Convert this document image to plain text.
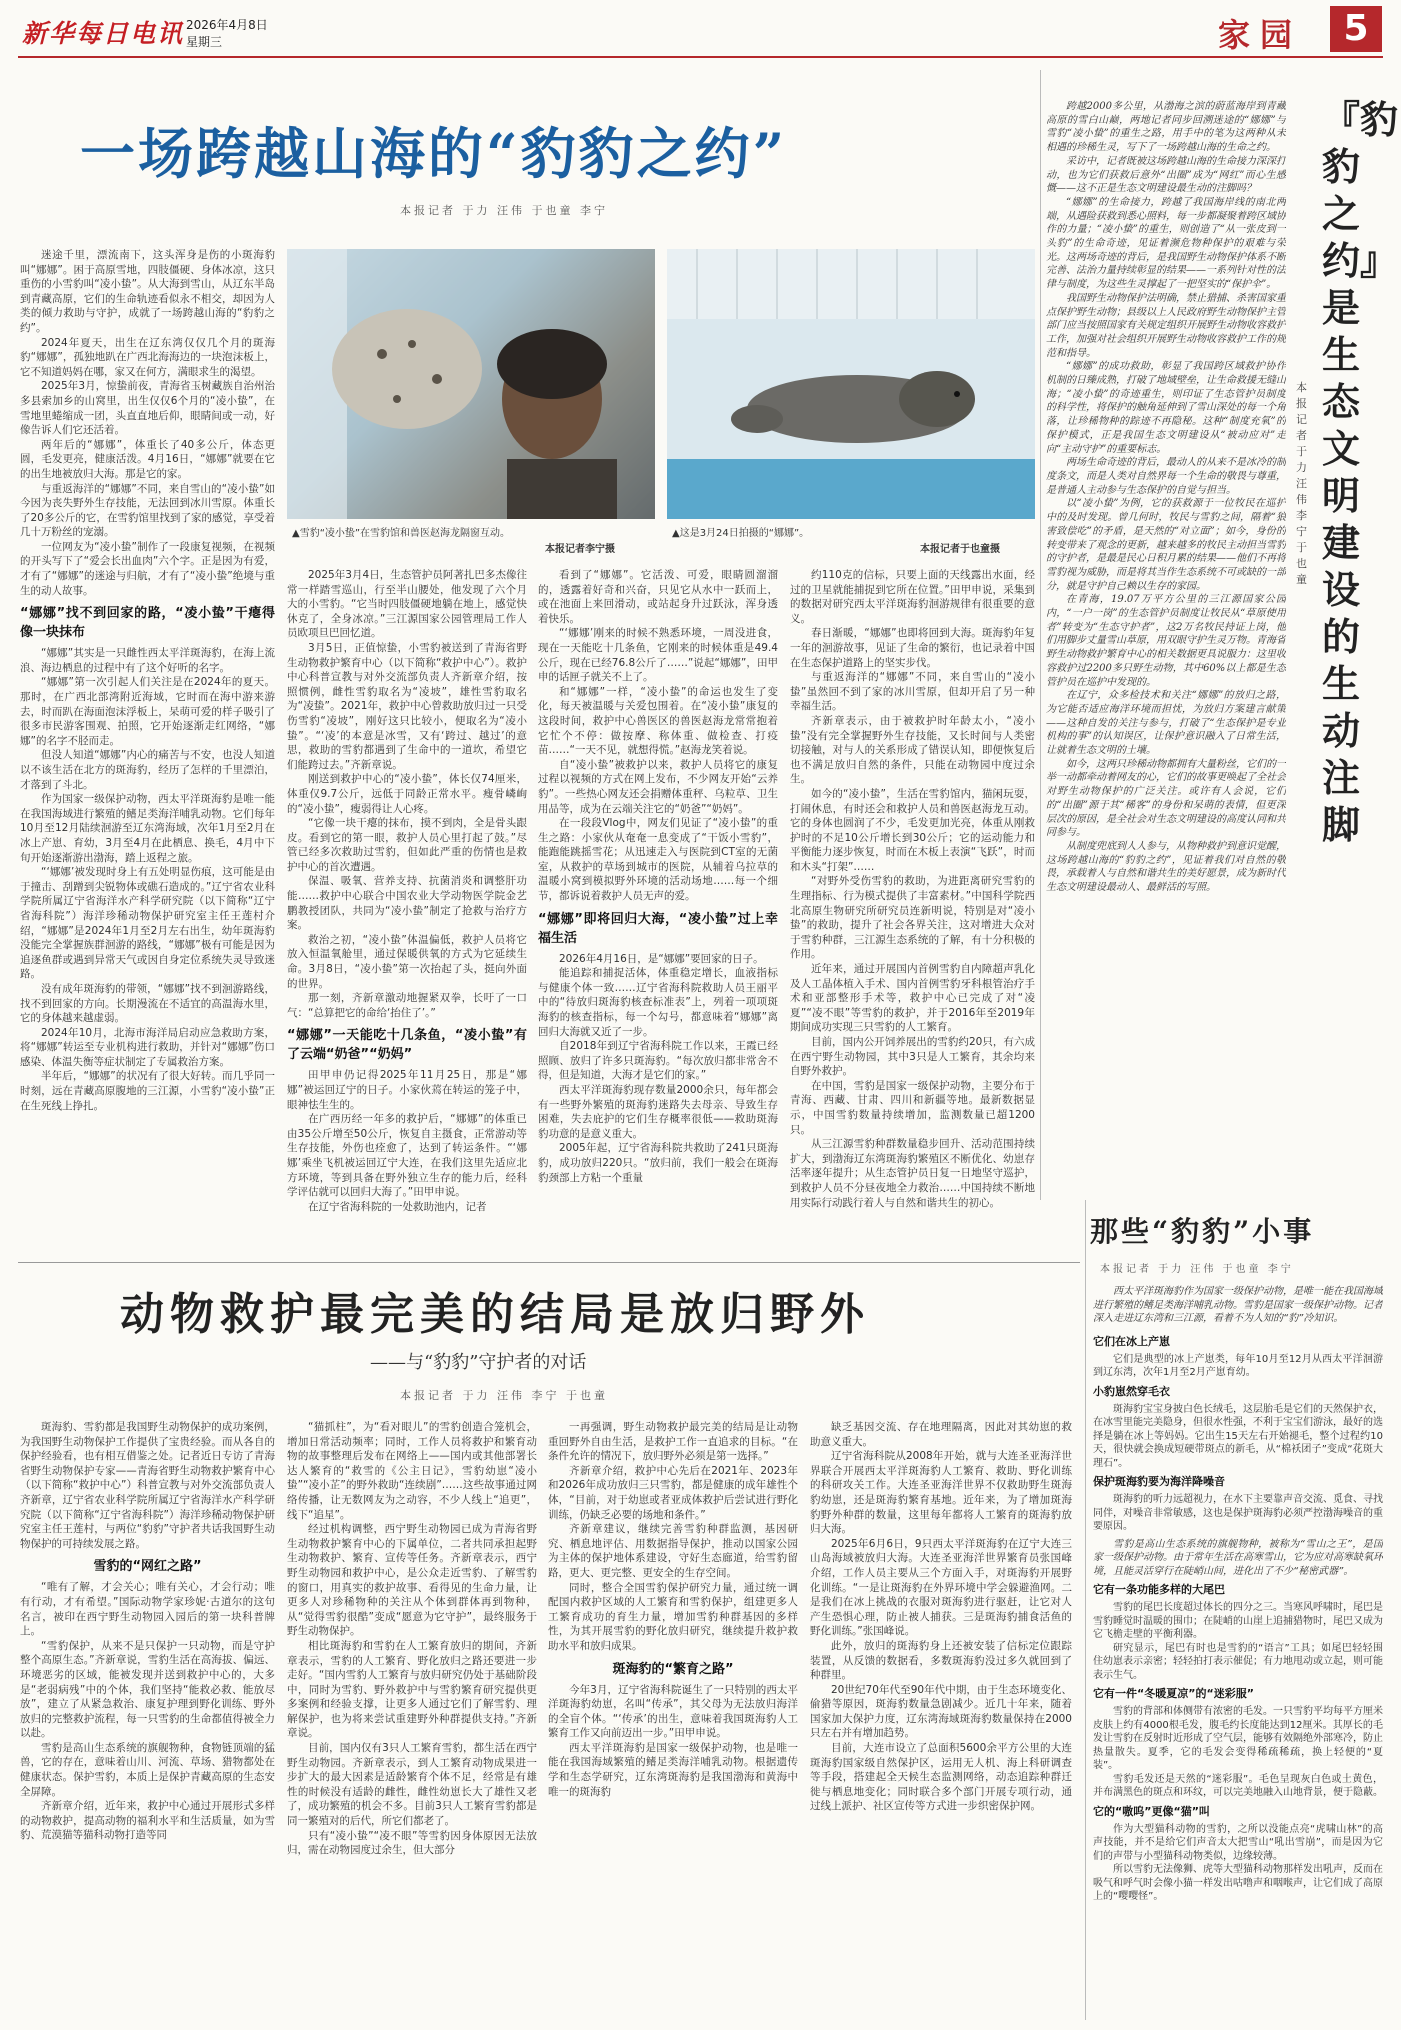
新华每日电讯 2026年4月8日
星期三	家园	5
一场跨越山海的“豹豹之约”
本报记者 于力 汪伟 于也童 李宁
▲雪豹“凌小蛰”在雪豹馆和兽医赵海龙隔窗互动。
本报记者李宁摄
▲这是3月24日拍摄的“娜娜”。
本报记者于也童摄

迷途千里，漂流南下，这头浑身是伤的小斑海豹叫“娜娜”。困于高原雪地，四肢僵硬、身体冰凉，这只重伤的小雪豹叫“凌小蛰”。从大海到雪山，从辽东半岛到青藏高原，它们的生命轨迹看似永不相交，却因为人类的倾力救助与守护，成就了一场跨越山海的“豹豹之约”。

2024年夏天，出生在辽东湾仅仅几个月的斑海豹“娜娜”，孤独地趴在广西北海海边的一块泡沫板上，它不知道妈妈在哪，家又在何方，满眼求生的渴望。

2025年3月，惊蛰前夜，青海省玉树藏族自治州治多县索加乡的山窝里，出生仅仅6个月的“凌小蛰”，在雪地里蜷缩成一团，头直直地后仰，眼睛间或一动，好像告诉人们它还活着。

两年后的“娜娜”，体重长了40多公斤，体态更圆，毛发更亮，健康活泼。4月16日，“娜娜”就要在它的出生地被放归大海。那是它的家。

与重返海洋的“娜娜”不同，来自雪山的“凌小蛰”如今因为丧失野外生存技能，无法回到冰川雪原。体重长了20多公斤的它，在雪豹馆里找到了家的感觉，享受着几十万粉丝的宠溺。

一位网友为“凌小蛰”制作了一段康复视频，在视频的开头写下了“爱会长出血肉”六个字。正是因为有爱，才有了“娜娜”的迷途与归航，才有了“凌小蛰”绝境与重生的动人故事。

“娜娜”找不到回家的路，“凌小蛰”干瘪得像一块抹布

“娜娜”其实是一只雌性西太平洋斑海豹，在海上流浪、海边栖息的过程中有了这个好听的名字。

“娜娜”第一次引起人们关注是在2024年的夏天。那时，在广西北部湾附近海域，它时而在海中游来游去，时而趴在海面泡沫浮板上，呆萌可爱的样子吸引了很多市民游客围观、拍照，它开始逐渐走红网络，“娜娜”的名字不胫而走。

但没人知道“娜娜”内心的痛苦与不安，也没人知道以不该生活在北方的斑海豹，经历了怎样的千里漂泊，才落到了斗北。

作为国家一级保护动物，西太平洋斑海豹是唯一能在我国海域进行繁殖的鳍足类海洋哺乳动物。它们每年10月至12月陆续洄游至辽东湾海域，次年1月至2月在冰上产崽、育幼，3月至4月在此栖息、换毛，4月中下旬开始逐渐游出渤海，踏上返程之旅。

“‘娜娜’被发现时身上有五处明显伤痕，这可能是由于撞击、刮蹭到尖锐物体或礁石造成的。”辽宁省农业科学院所属辽宁省海洋水产科学研究院（以下简称“辽宁省海科院”）海洋珍稀动物保护研究室主任王莲村介绍，“娜娜”是2024年1月至2月左右出生，幼年斑海豹没能完全掌握族群洄游的路线，“娜娜”极有可能是因为追逐鱼群或遇到异常天气或因自身定位系统失灵导致迷路。

没有成年斑海豹的带领，“娜娜”找不到洄游路线，找不到回家的方向。长期漫流在不适宜的高温海水里，它的身体越来越虚弱。

2024年10月，北海市海洋局启动应急救助方案，将“娜娜”转运至专业机构进行救助，并针对“娜娜”伤口感染、体温失衡等症状制定了专属救治方案。

半年后，“娜娜”的状况有了很大好转。而几乎同一时刻，远在青藏高原腹地的三江源，小雪豹“凌小蛰”正在生死线上挣扎。

2025年3月4日，生态管护员阿著扎巴多杰像往常一样踏雪巡山，行至半山腰处，他发现了六个月大的小雪豹。“它当时四肢僵硬地躺在地上，感觉快休克了，全身冰凉。”三江源国家公园管理局工作人员欧项旦巴回忆道。

3月5日，正值惊蛰，小雪豹被送到了青海省野生动物救护繁育中心（以下简称“救护中心”）。救护中心科普宣教与对外交流部负责人齐新章介绍，按照惯例，雌性雪豹取名为“凌坡”，雄性雪豹取名为“凌蛰”。2021年，救护中心曾救助放归过一只受伤雪豹“凌坡”，刚好这只比较小，便取名为“凌小蛰”。“‘凌’的本意是冰雪，又有‘跨过、越过’的意思，救助的雪豹都遇到了生命中的一道坎，希望它们能跨过去。”齐新章说。

刚送到救护中心的“凌小蛰”，体长仅74厘米，体重仅9.7公斤，远低于同龄正常水平。瘦骨嶙峋的“凌小蛰”，瘦弱得让人心疼。

“它像一块干瘪的抹布，摸不到肉，全是骨头跟皮。看到它的第一眼，救护人员心里打起了鼓。”尽管已经多次救助过雪豹，但如此严重的伤情也是救护中心的首次遭遇。

保温、吸氧、营养支持、抗菌消炎和调整肝功能……救护中心联合中国农业大学动物医学院金艺鹏教授团队，共同为“凌小蛰”制定了抢救与治疗方案。

救治之初，“凌小蛰”体温偏低，救护人员将它放入恒温氧舱里，通过保暖供氧的方式为它延续生命。3月8日，“凌小蛰”第一次抬起了头，挺向外面的世界。

那一刻，齐新章激动地握紧双拳，长吁了一口气：“总算把它的命给‘抬住了’。”

“娜娜”一天能吃十几条鱼，“凌小蛰”有了云端“奶爸”“奶妈”

田甲申仍记得2025年11月25日，那是“娜娜”被运回辽宁的日子。小家伙蔫在转运的笼子中，眼神怯生生的。

在广西历经一年多的救护后，“娜娜”的体重已由35公斤增至50公斤，恢复自主摄食，正常游动等生存技能，外伤也痊愈了，达到了转运条件。“‘娜娜’乘坐飞机被运回辽宁大连，在我们这里先适应北方环境，等到具备在野外独立生存的能力后，经科学评估就可以回归大海了。”田甲申说。

在辽宁省海科院的一处救助池内，记者

看到了“娜娜”。它活泼、可爱，眼睛圆溜溜的，透露着好奇和兴奋，只见它从水中一跃而上，或在池面上来回滑动，或站起身升过跃泳，浑身透着快乐。

“‘娜娜’刚来的时候不熟悉环境，一周没进食，现在一天能吃十几条鱼，它刚来的时候体重是49.4公斤，现在已经76.8公斤了……”说起“娜娜”，田甲申的话匣子就关不上了。

和“娜娜”一样，“凌小蛰”的命运也发生了变化，每天被温暖与关爱包围着。在“凌小蛰”康复的这段时间，救护中心兽医区的兽医赵海龙常常抱着它忙个不停：做按摩、称体重、做检查、打疫苗……“一天不见，就想得慌。”赵海龙笑着说。

自“凌小蛰”被救护以来，救护人员将它的康复过程以视频的方式在网上发布，不少网友开始“云养豹”。一些热心网友还会捐赠体重秤、乌粒草、卫生用品等，成为在云端关注它的“奶爸”“奶妈”。

在一段段Vlog中，网友们见证了“凌小蛰”的重生之路：小家伙从奄奄一息变成了“干饭小雪豹”，能跑能跳摇雪花；从迅速走入与医院到CT室的无菌室，从救护的草场到城市的医院，从辅着乌拉草的温暖小窝到模拟野外环境的活动场地……每一个细节，都诉说着救护人员无声的爱。

“娜娜”即将回归大海，“凌小蛰”过上幸福生活

2026年4月16日，是“娜娜”要回家的日子。

能追踪和捕捉活体，体重稳定增长，血液指标与健康个体一致……辽宁省海科院救助人员王丽平中的“待放归斑海豹核查标准表”上，列着一项项斑海豹的核查指标，每一个勾号，都意味着“娜娜”离回归大海就又近了一步。

自2018年到辽宁省海科院工作以来，王霞已经照顾、放归了许多只斑海豹。“每次放归都非常舍不得，但是知道，大海才是它们的家。”

西太平洋斑海豹现存数量2000余只，每年都会有一些野外繁殖的斑海豹迷路失去母亲、导致生存困难，失去庇护的它们生存概率很低——救助斑海豹功意的是意义重大。

2005年起，辽宁省海科院共救助了241只斑海豹，成功放归220只。“放归前，我们一般会在斑海豹颈部上方粘一个重量

约110克的信标，只要上面的天线露出水面，经过的卫星就能捕捉到它所在位置。”田甲申说，采集到的数据对研究西太平洋斑海豹洄游规律有很重要的意义。

春日渐暖，“娜娜”也即将回到大海。斑海豹年复一年的洄游故事，见证了生命的繁衍，也记录着中国在生态保护道路上的坚实步伐。

与重返海洋的“娜娜”不同，来自雪山的“凌小蛰”虽然回不到了家的冰川雪原，但却开启了另一种幸福生活。

齐新章表示，由于被救护时年龄太小，“凌小蛰”没有完全掌握野外生存技能，又长时间与人类密切接触，对与人的关系形成了错误认知，即便恢复后也不满足放归自然的条件，只能在动物园中度过余生。

如今的“凌小蛰”，生活在雪豹馆内，猫闲玩耍，打闹休息，有时还会和救护人员和兽医赵海龙互动。它的身体也圆润了不少，毛发更加光亮，体重从刚救护时的不足10公斤增长到30公斤；它的运动能力和平衡能力逐步恢复，时而在木板上表演“飞跃”，时而和木头“打架”……

“对野外受伤雪豹的救助，为进距离研究雪豹的生理指标、行为模式提供了丰富素材。”中国科学院西北高原生物研究所研究员连新明说，特别是对“凌小蛰”的救助，提升了社会各界关注，这对增进大众对于雪豹种群，三江源生态系统的了解，有十分积极的作用。

近年来，通过开展国内首例雪豹自内障超声乳化及人工晶体植入手术、国内首例雪豹牙科根管治疗手术和亚部整形手术等，救护中心已完成了对“凌夏”“凌不眼”等雪豹的救护，并于2016年至2019年期间成功实现三只雪豹的人工繁育。

目前，国内公开饲养展出的雪豹约20只，有六成在西宁野生动物园，其中3只是人工繁育，其余均来自野外救护。

在中国，雪豹是国家一级保护动物，主要分布于青海、西藏、甘肃、四川和新疆等地。最新数据显示，中国雪豹数量持续增加，监测数量已超1200只。

从三江源雪豹种群数量稳步回升、活动范围持续扩大，到渤海辽东湾斑海豹繁殖区不断优化、幼崽存活率逐年提升；从生态管护员日复一日地坚守巡护，到救护人员不分昼夜地全力救治……中国持续不断地用实际行动践行着人与自然和谐共生的初心。

跨越2000多公里，从渤海之滨的蔚蓝海岸到青藏高原的雪白山巅，两地记者同步回溯迷途的“娜娜”与雪豹“凌小蛰”的重生之路，用手中的笔为这两种从未相遇的珍稀生灵，写下了一场跨越山海的生命之约。

采访中，记者既被这场跨越山海的生命接力深深打动，也为它们获救后意外“出圈”成为“网红”而心生感慨——这不正是生态文明建设最生动的注脚吗？

“娜娜”的生命接力，跨越了我国海岸线的南北两端，从遇险获救到悉心照料，每一步都凝聚着跨区域协作的力量；“凌小蛰”的重生，则创造了“从一张皮到一头豹”的生命奇迹，见证着濒危物种保护的艰难与荣光。这两场奇迹的背后，是我国野生动物保护体系不断完善、法治力量持续彰显的结果——一系列针对性的法律与制度，为这些生灵撑起了一把坚实的“保护伞”。

我国野生动物保护法明确，禁止猎捕、杀害国家重点保护野生动物；县级以上人民政府野生动物保护主管部门应当按照国家有关规定组织开展野生动物收容救护工作，加强对社会组织开展野生动物收容救护工作的规范和指导。

“娜娜”的成功救助，彰显了我国跨区域救护协作机制的日臻成熟，打破了地域壁垒，让生命救援无缝山海；“凌小蛰”的奇迹重生，则印证了生态管护员制度的科学性，将保护的触角延伸到了雪山深处的每一个角落，让珍稀物种的踪迹不再隐秘。这种“制度充氧”的保护模式，正是我国生态文明建设从“被动应对”走向“主动守护”的重要标志。

两场生命奇迹的背后，最动人的从来不是冰冷的制度条文，而是人类对自然界每一个生命的敬畏与尊重，是普通人主动参与生态保护的自觉与担当。

以“凌小蛰”为例，它的获救源于一位牧民在巡护中的及时发现。曾几何时，牧民与雪豹之间，隔着“狼害致偿吃”的矛盾，是天然的“对立面”；如今，身份的转变带来了观念的更新，越来越多的牧民主动担当雪豹的守护者，是最是民心日积月累的结果——他们不再将雪豹视为威胁，而是将其当作生态系统不可或缺的一部分，就是守护自己赖以生存的家园。

在青海，19.07万平方公里的三江源国家公园内，“一户一岗”的生态管护员制度让牧民从“草原使用者”转变为“生态守护者”，这2万名牧民持证上岗，他们用脚步丈量雪山草原，用双眼守护生灵万物。青海省野生动物救护繁育中心的相关数据更具说服力：这里收容救护过2200多只野生动物，其中60%以上都是生态管护员在巡护中发现的。

在辽宁，众多检技术和关注“娜娜”的放归之路，为它能否适应海洋环境而担忧，为放归方案建言献策——这种自发的关注与参与，打破了“生态保护是专业机构的事”的认知误区，让保护意识融入了日常生活，让就着生态文明的土壤。

如今，这两只珍稀动物都拥有大量粉丝，它们的一举一动都牵动着网友的心，它们的故事更唤起了全社会对野生动物保护的广泛关注。或许有人会说，它们的“出圈”源于其“稀客”的身份和呆萌的表情，但更深层次的原因，是全社会对生态文明建设的高度认同和共同参与。

从制度兜底到人人参与，从物种救护到意识觉醒，这场跨越山海的“豹豹之约”，见证着我们对自然的敬畏，承载着人与自然和谐共生的美好愿景，成为新时代生态文明建设最动人、最鲜活的写照。

本报记者 于力 汪伟 李宁 于也童
『豹豹之约』是生态文明建设的生动注脚
那些“豹豹”小事
本报记者 于力 汪伟 于也童 李宁

西太平洋斑海豹作为国家一级保护动物，是唯一能在我国海域进行繁殖的鳍足类海洋哺乳动物。雪豹是国家一级保护动物。记者深入走进辽东湾和三江源，看着不为人知的“豹”冷知识。

它们在冰上产崽

它们是典型的冰上产崽类，每年10月至12月从西太平洋洄游到辽东湾，次年1月至2月产崽育幼。

小豹崽然穿毛衣

斑海豹宝宝身披白色长绒毛，这层胎毛是它们的天然保护衣，在冰雪里能完美隐身，但很水性强，不利于宝宝们游泳，最好的选择是躺在冰上等妈妈。它出生15天左右开始褪毛，整个过程约10天，很快就会换成短硬带斑点的新毛，从“棉袄团子”变成“花斑大理石”。

保护斑海豹要为海洋降噪音

斑海豹的听力远超视力，在水下主要靠声音交流、觅食、寻找同伴，对噪音非常敏感，这也是保护斑海豹必须严控渤海噪音的重要原因。

雪豹是高山生态系统的旗舰物种，被称为“雪山之王”，是国家一级保护动物。由于常年生活在高寒雪山，它为应对高寒缺氧环境，且能灵活穿行在陡峭山间，进化出了不少“秘密武器”。

它有一条功能多样的大尾巴

雪豹的尾巴长度超过体长的四分之三。当寒风呼啸时，尾巴是雪豹睡觉时温暖的围巾；在陡峭的山崖上追捕猎物时，尾巴又成为它飞檐走壁的平衡利器。

研究显示，尾巴有时也是雪豹的“语言”工具；如尾巴轻轻围住幼崽表示亲密；轻轻拍打表示催促；有力地甩动或立起，则可能表示生气。

它有一件“冬暖夏凉”的“迷彩服”

雪豹的背部和体侧带有浓密的毛发。一只雪豹平均每平方厘米皮肤上约有4000根毛发，腹毛约长度能达到12厘米。其厚长的毛发让雪豹在反射时近形成了空气层，能够有效隔绝外部寒冷，防止热量散失。夏季，它的毛发会变得稀疏稀疏，换上轻便的“夏装”。

雪豹毛发还是天然的“迷彩服”。毛色呈现灰白色或土黄色，并布满黑色的斑点和环纹，可以完美地融入山地背景，便于隐蔽。

它的“嗷呜”更像“猫”叫

作为大型猫科动物的雪豹，之所以没能点亮“虎啸山林”的高声技能，并不是给它们声音太大把雪山“吼出雪崩”，而是因为它们的声带与小型猫科动物类似，边缘较薄。

所以雪豹无法像狮、虎等大型猫科动物那样发出吼声，反而在吸气和呼气时会像小猫一样发出咕噜声和咽喉声，让它们成了高原上的“嘤嘤怪”。

动物救护最完美的结局是放归野外
——与“豹豹”守护者的对话
本报记者 于力 汪伟 李宁 于也童

斑海豹、雪豹都是我国野生动物保护的成功案例，为我国野生动物保护工作提供了宝贵经验。而从各自的保护经验看，也有相互借鉴之处。记者近日专访了青海省野生动物保护专家——青海省野生动物救护繁育中心（以下简称“救护中心”）科普宣教与对外交流部负责人齐新章，辽宁省农业科学院所属辽宁省海洋水产科学研究院（以下简称“辽宁省海科院”）海洋珍稀动物保护研究室主任王莲村，与两位“豹豹”守护者共话我国野生动物保护的可持续发展之路。

雪豹的“网红之路”

“唯有了解，才会关心；唯有关心，才会行动；唯有行动，才有希望。”国际动物学家珍妮·古道尔的这句名言，被印在西宁野生动物园入园后的第一块科普牌上。

“雪豹保护，从来不是只保护一只动物，而是守护整个高原生态。”齐新章说，雪豹生活在高海拔、偏远、环境恶劣的区域，能被发现并送到救护中心的，大多是“老弱病残”中的个体，我们坚持“能救必救、能放尽放”，建立了从紧急救治、康复护理到野化训练、野外放归的完整救护流程，每一只雪豹的生命都值得被全力以赴。

雪豹是高山生态系统的旗舰物种，食物链顶端的猛兽，它的存在，意味着山川、河流、草场、猎物都处在健康状态。保护雪豹，本质上是保护青藏高原的生态安全屏障。

齐新章介绍，近年来，救护中心通过开展形式多样的动物救护，提高动物的福利水平和生活质量，如为雪豹、荒漠猫等猫科动物打造等同

“猫抓柱”，为“看对眼儿”的雪豹创造合笼机会，增加日常活动频率；同时，工作人员将救护和繁育动物的故事整理后发布在网络上——国内或其他部署长达人繁育的“救雪的《公主日记》，雪豹幼崽“凌小蛰”“凌小芷”的野外救助“连续剧”……这些故事通过网络传播，让无数网友为之动容，不少人线上“追更”，线下“追星”。

经过机构调整，西宁野生动物园已成为青海省野生动物救护繁育中心的下属单位，二者共同承担起野生动物救护、繁育、宣传等任务。齐新章表示，西宁野生动物园和救护中心，是公众走近雪豹、了解雪豹的窗口，用真实的救护故事、看得见的生命力量，让更多人对珍稀物种的关注从个体到群体再到物种，从“觉得雪豹很酷”变成“愿意为它守护”，最终服务于野生动物保护。

相比斑海豹和雪豹在人工繁育放归的期间，齐新章表示，雪豹的人工繁育、野化放归之路还要进一步走好。“国内雪豹人工繁育与放归研究仍处于基础阶段中，同时为雪豹、野外救护中与雪豹繁育研究提供更多案例和经验支撑，让更多人通过它们了解雪豹、理解保护，也为将来尝试重建野外种群提供支持。”齐新章说。

目前，国内仅有3只人工繁育雪豹，都生活在西宁野生动物园。齐新章表示，到人工繁育动物成果进一步扩大的最大因素是适龄繁育个体不足，经常是有雄性的时候没有适龄的雌性，雌性幼崽长大了雄性又老了，成功繁殖的机会不多。目前3只人工繁育雪豹都是同一繁殖对的后代，所它们都老了。

只有“凌小蛰”“凌不眼”等雪豹因身体原因无法放归，需在动物园度过余生，但大部分

一再强调，野生动物救护最完美的结局是让动物重回野外自由生活，是救护工作一直追求的目标。“在条件允许的情况下，放归野外必须是第一选择。”

齐新章介绍，救护中心先后在2021年、2023年和2026年成功放归三只雪豹，都是健康的成年雄性个体，“目前，对于幼崽或者亚成体救护后尝试进行野化训练，仍缺乏必要的场地和条件。”

齐新章建议，继续完善雪豹种群监测，基因研究、栖息地评估、用数据指导保护，推动以国家公园为主体的保护地体系建设，守好生态廊道，给雪豹留路，更大、更完整、更安全的生存空间。

同时，整合全国雪豹保护研究力量，通过统一调配国内救护区域的人工繁育和雪豹保护，组建更多人工繁育成功的育生力量，增加雪豹种群基因的多样性，为其开展雪豹的野化放归研究，继续提升救护救助水平和放归成果。

斑海豹的“繁育之路”

今年3月，辽宁省海科院诞生了一只特别的西太平洋斑海豹幼崽，名叫“传承”，其父母为无法放归海洋的全盲个体。“‘传承’的出生，意味着我国斑海豹人工繁育工作又向前迈出一步。”田甲申说。

西太平洋斑海豹是国家一级保护动物，也是唯一能在我国海域繁殖的鳍足类海洋哺乳动物。根据遗传学和生态学研究，辽东湾斑海豹是我国渤海和黄海中唯一的斑海豹

缺乏基因交流、存在地理隔离，因此对其幼崽的救助意义重大。

辽宁省海科院从2008年开始，就与大连圣亚海洋世界联合开展西太平洋斑海豹人工繁育、救助、野化训练的科研攻关工作。大连圣亚海洋世界不仅救助野生斑海豹幼崽，还是斑海豹繁育基地。近年来，为了增加斑海豹野外种群的数量，这里每年都将人工繁育的斑海豹放归大海。

2025年6月6日，9只西太平洋斑海豹在辽宁大连三山岛海域被放归大海。大连圣亚海洋世界繁育员张国峰介绍，工作人员主要从三个方面入手，对斑海豹开展野化训练。“一是让斑海豹在外界环境中学会躲避渔网。二是我们在冰上挑战的衣服对斑海豹进行驱赶，让它对人产生恐惧心理，防止被人捕获。三是斑海豹捕食活鱼的野化训练。”张国峰说。

此外，放归的斑海豹身上还被安装了信标定位跟踪装置，从反馈的数据看，多数斑海豹没过多久就回到了种群里。

20世纪70年代至90年代中期，由于生态环境变化、偷猎等原因，斑海豹数量急剧减少。近几十年来，随着国家加大保护力度，辽东湾海域斑海豹数量保持在2000只左右并有增加趋势。

目前，大连市设立了总面积5600余平方公里的大连斑海豹国家级自然保护区，运用无人机、海上科研调查等手段，搭建起全天候生态监测网络，动态追踪种群迁徙与栖息地变化；同时联合多个部门开展专项行动，通过线上派护、社区宣传等方式进一步织密保护网。
